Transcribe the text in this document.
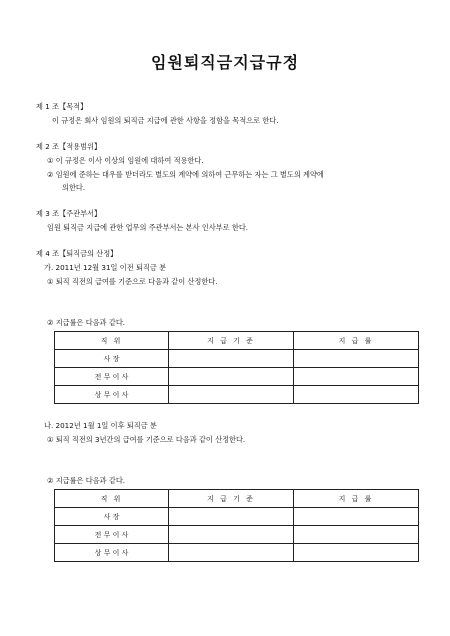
임원퇴직금지급규정
제 1 조【목적】
이 규정은 회사 임원의 퇴직금 지급에 관한 사항을 정함을 목적으로 한다.
제 2 조【적용범위】
① 이 규정은 이사 이상의 임원에 대하여 적용한다.
② 임원에 준하는 대우를 받더라도 별도의 계약에 의하여 근무하는 자는 그 별도의 계약에
의한다.
제 3 조【주관부서】
임원 퇴직금 지급에 관한 업무의 주관부서는 본사 인사부로 한다.
제 4 조【퇴직금의 산정】
가. 2011년 12월 31일 이전 퇴직금 분
① 퇴직 직전의 급여를 기준으로 다음과 같이 산정한다.
② 지급률은 다음과 같다.
직 위	지 급 기 준	지 급 률
사 장		
전 무 이 사		
상 무 이 사		
나. 2012년 1월 1일 이후 퇴직금 분
① 퇴직 직전의 3년간의 급여를 기준으로 다음과 같이 산정한다.
② 지급률은 다음과 같다.
직 위	지 급 기 준	지 급 률
사 장		
전 무 이 사		
상 무 이 사		
